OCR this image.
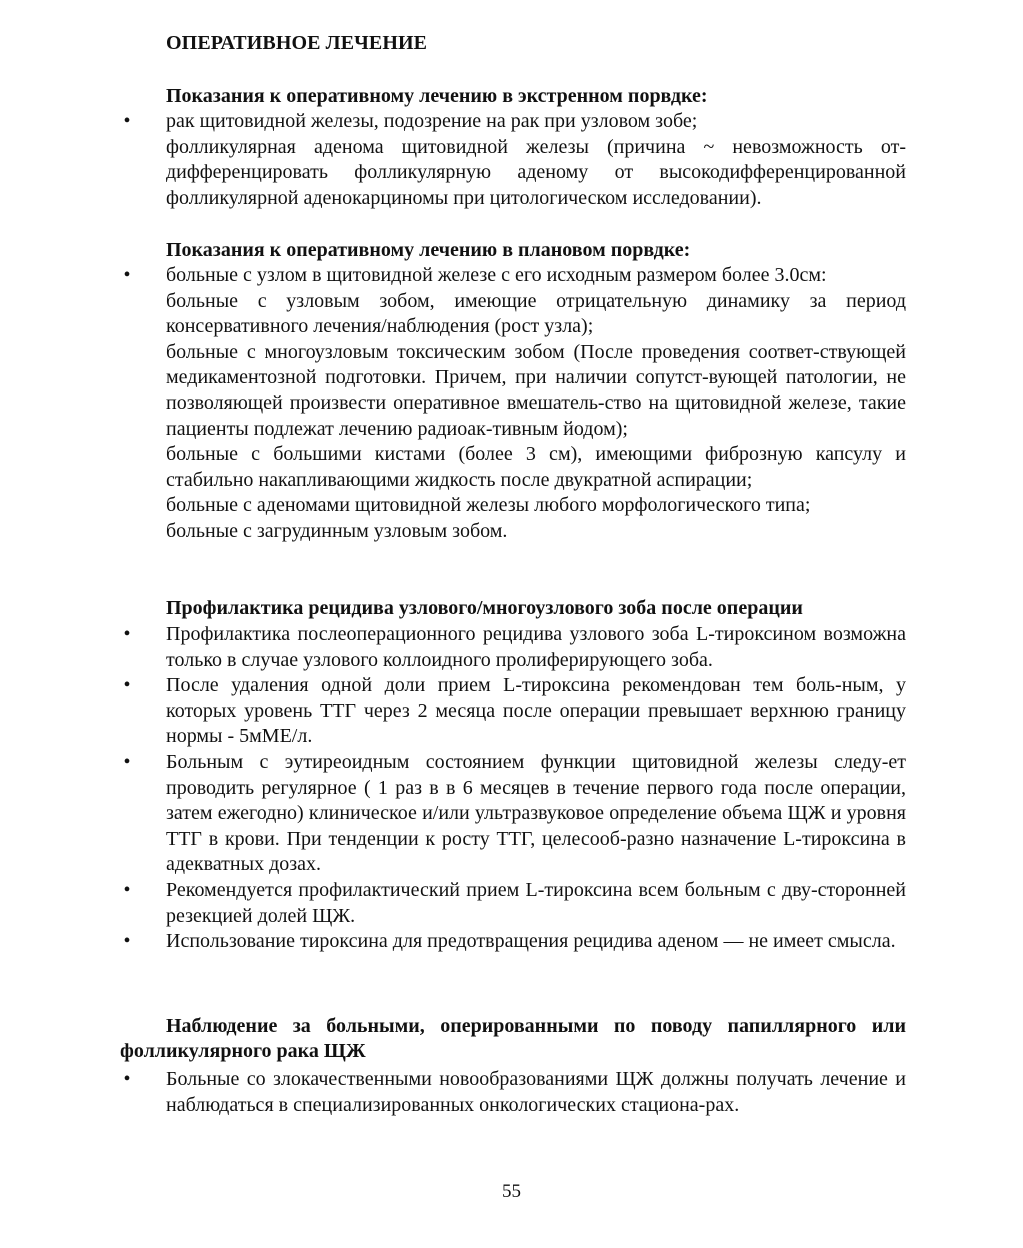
ОПЕРАТИВНОЕ ЛЕЧЕНИЕ
Показания к оперативному лечению в экстренном порвдке:
• рак щитовидной железы, подозрение на рак при узловом зобе;

фолликулярная аденома щитовидной железы (причина ~ невозможность от-дифференцировать фолликулярную аденому от высокодифференцированной фолликулярной аденокарциномы при цитологическом исследовании).

Показания к оперативному лечению в плановом порвдке:
• больные с узлом в щитовидной железе с его исходным размером более 3.0см:

больные с узловым зобом, имеющие отрицательную динамику за период консервативного лечения/наблюдения (рост узла);

больные с многоузловым токсическим зобом (После проведения соответ-ствующей медикаментозной подготовки. Причем, при наличии сопутст-вующей патологии, не позволяющей произвести оперативное вмешатель-ство на щитовидной железе, такие пациенты подлежат лечению радиоак-тивным йодом);

больные с большими кистами (более 3 см), имеющими фиброзную капсулу и стабильно накапливающими жидкость после двукратной аспирации;

больные с аденомами щитовидной железы любого морфологического типа;

больные с загрудинным узловым зобом.

Профилактика рецидива узлового/многоузлового зоба после операции
• Профилактика послеоперационного рецидива узлового зоба L-тироксином возможна только в случае узлового коллоидного пролиферирующего зоба.

• После удаления одной доли прием L-тироксина рекомендован тем боль-ным, у которых уровень ТТГ через 2 месяца после операции превышает верхнюю границу нормы - 5мМЕ/л.

• Больным с эутиреоидным состоянием функции щитовидной железы следу-ет проводить регулярное ( 1 раз в в 6 месяцев в течение первого года после операции, затем ежегодно) клиническое и/или ультразвуковое определение объема ЩЖ и уровня ТТГ в крови. При тенденции к росту ТТГ, целесооб-разно назначение L-тироксина в адекватных дозах.

• Рекомендуется профилактический прием L-тироксина всем больным с дву-сторонней резекцией долей ЩЖ.

• Использование тироксина для предотвращения рецидива аденом — не имеет смысла.

Наблюдение за больными, оперированными по поводу папиллярного или фолликулярного рака ЩЖ
• Больные со злокачественными новообразованиями ЩЖ должны получать лечение и наблюдаться в специализированных онкологических стациона-рах.

55
